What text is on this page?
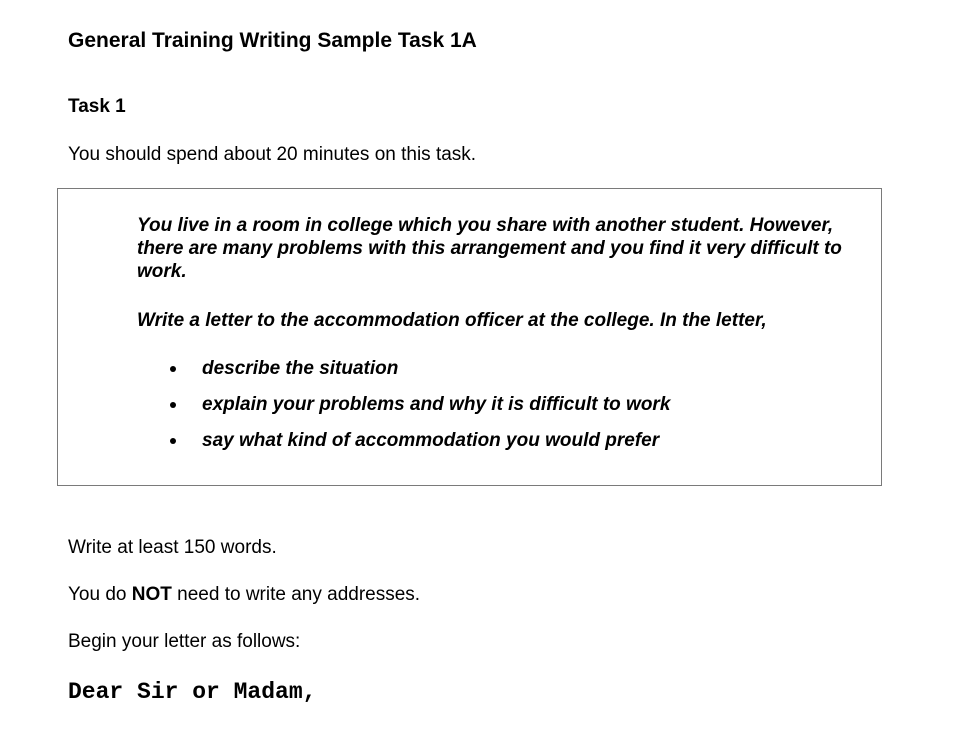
General Training Writing Sample Task 1A
Task 1

You should spend about 20 minutes on this task.

You live in a room in college which you share with another student. However, there are many problems with this arrangement and you find it very difficult to work.

Write a letter to the accommodation officer at the college. In the letter,

describe the situation
explain your problems and why it is difficult to work
say what kind of accommodation you would prefer

Write at least 150 words.

You do NOT need to write any addresses.

Begin your letter as follows:

Dear Sir or Madam,
